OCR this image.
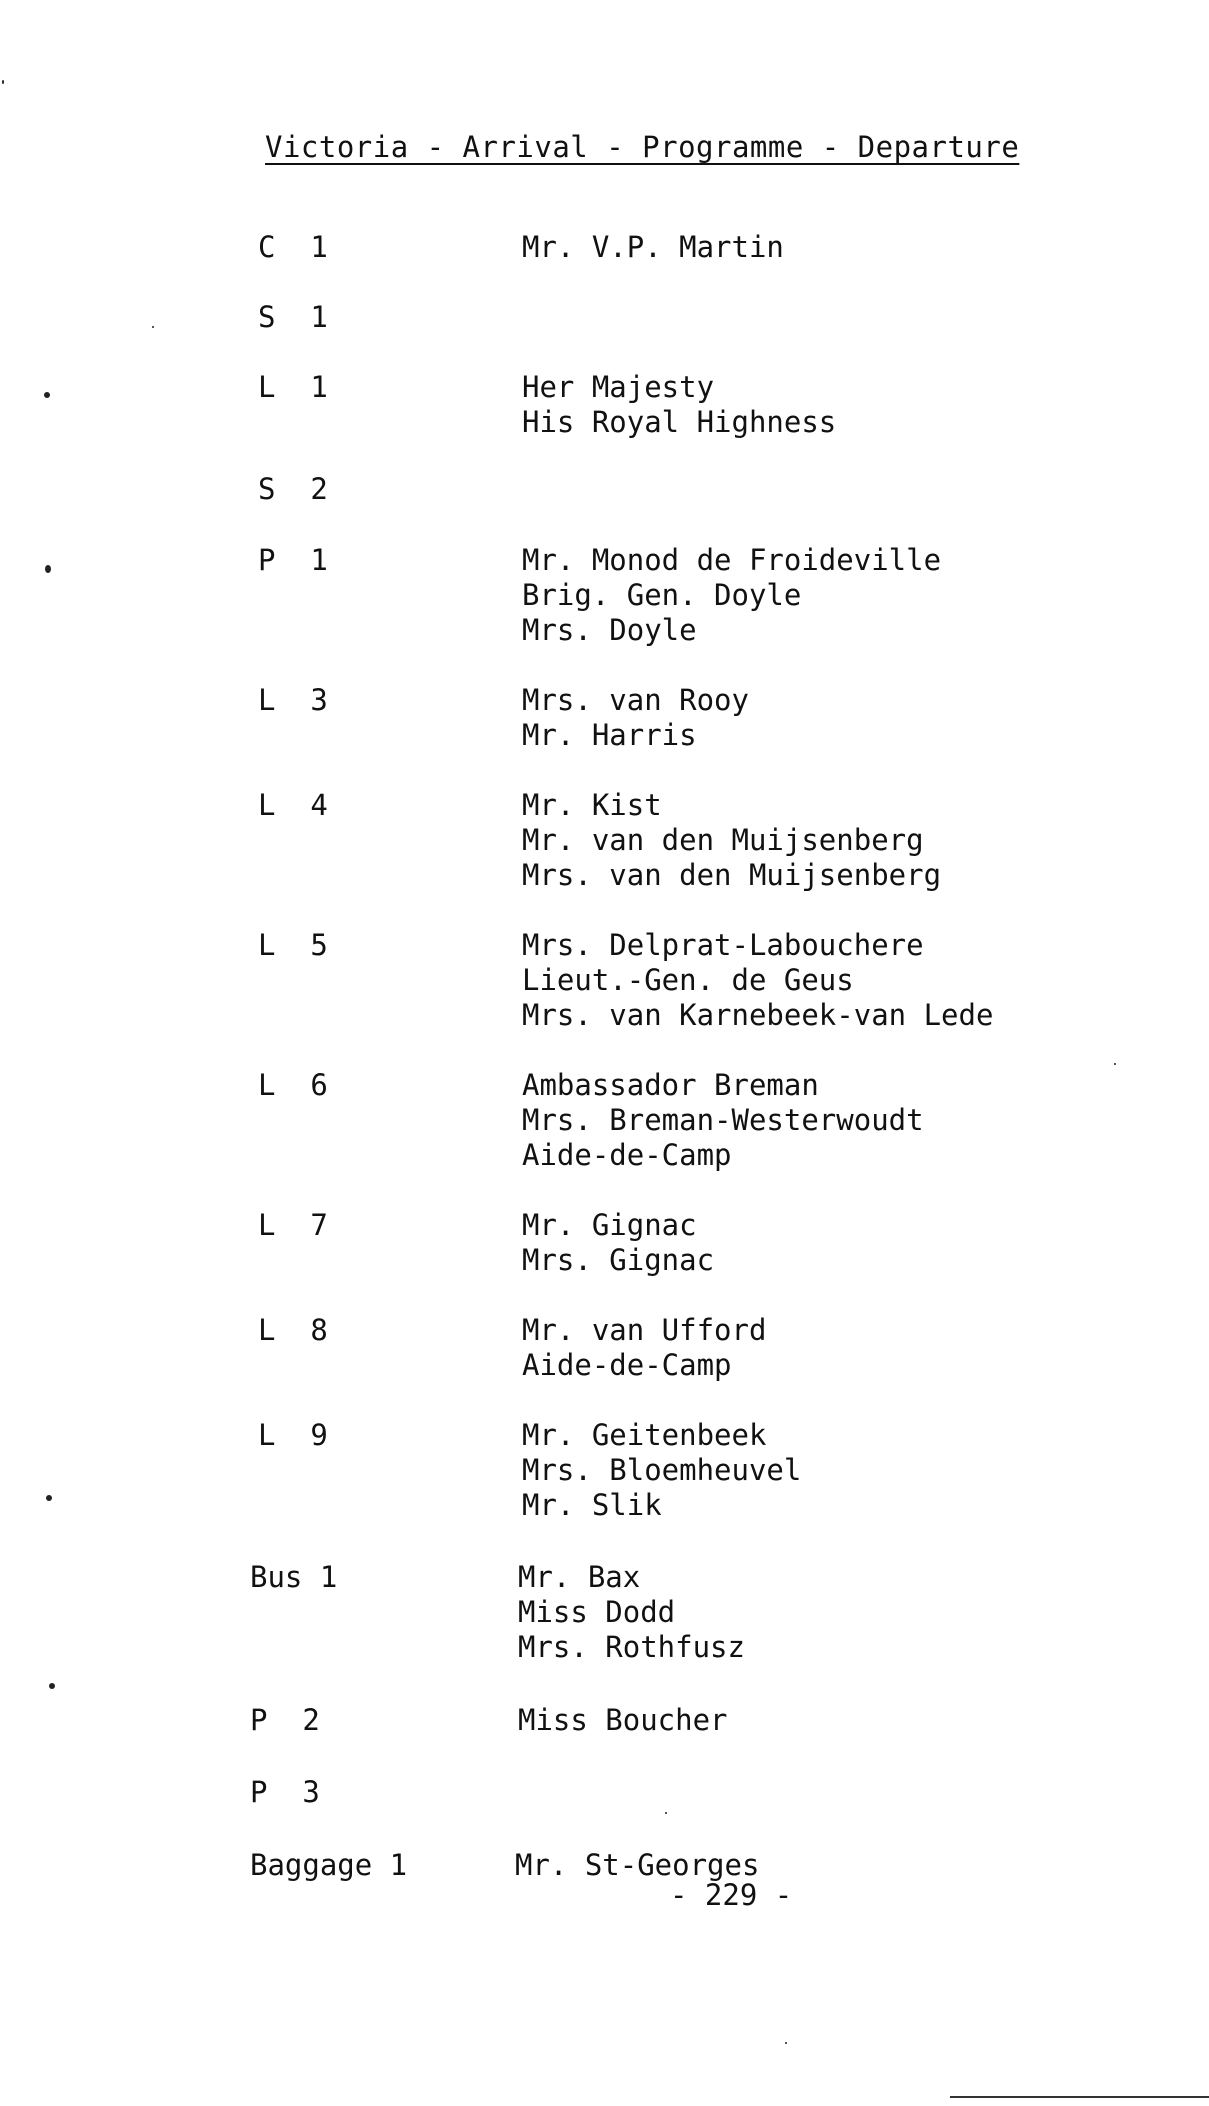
Victoria - Arrival - Programme - Departure
C  1	Mr. V.P. Martin
S  1
L  1	Her Majesty
His Royal Highness
S  2
P  1	Mr. Monod de Froideville
Brig. Gen. Doyle
Mrs. Doyle
L  3	Mrs. van Rooy
Mr. Harris
L  4	Mr. Kist
Mr. van den Muijsenberg
Mrs. van den Muijsenberg
L  5	Mrs. Delprat-Labouchere
Lieut.-Gen. de Geus
Mrs. van Karnebeek-van Lede
L  6	Ambassador Breman
Mrs. Breman-Westerwoudt
Aide-de-Camp
L  7	Mr. Gignac
Mrs. Gignac
L  8	Mr. van Ufford
Aide-de-Camp
L  9	Mr. Geitenbeek
Mrs. Bloemheuvel
Mr. Slik
Bus 1	Mr. Bax
Miss Dodd
Mrs. Rothfusz
P  2	Miss Boucher
P  3
Baggage 1	Mr. St-Georges
- 229 -
